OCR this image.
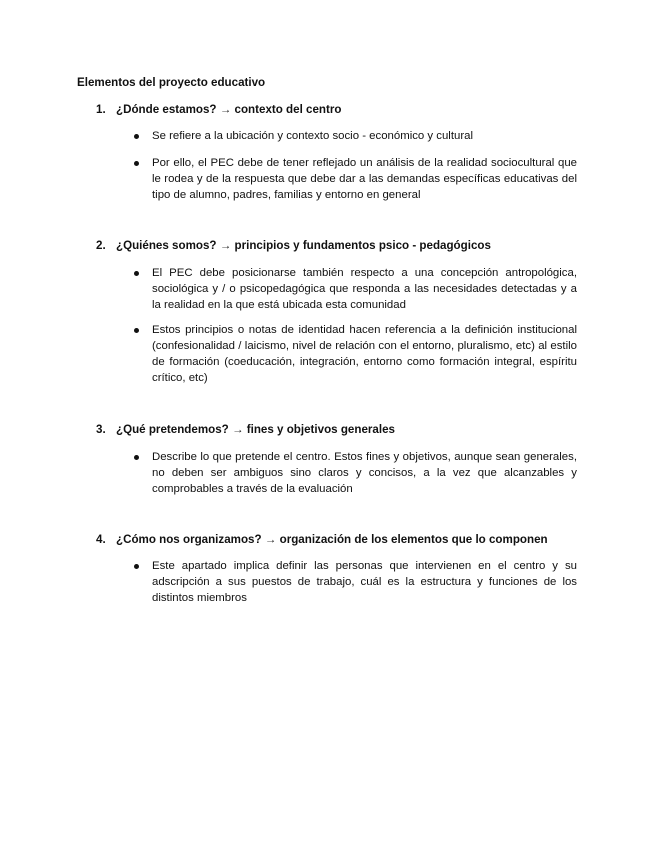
Elementos del proyecto educativo
1. ¿Dónde estamos? → contexto del centro
Se refiere a la ubicación y contexto socio - económico y cultural
Por ello, el PEC debe de tener reflejado un análisis de la realidad sociocultural que le rodea y de la respuesta que debe dar a las demandas específicas educativas del tipo de alumno, padres, familias y entorno en general
2. ¿Quiénes somos? → principios y fundamentos psico - pedagógicos
El PEC debe posicionarse también respecto a una concepción antropológica, sociológica y / o psicopedagógica que responda a las necesidades detectadas y a la realidad en la que está ubicada esta comunidad
Estos principios o notas de identidad hacen referencia a la definición institucional (confesionalidad / laicismo, nivel de relación con el entorno, pluralismo, etc) al estilo de formación (coeducación, integración, entorno como formación integral, espíritu crítico, etc)
3. ¿Qué pretendemos? → fines y objetivos generales
Describe lo que pretende el centro. Estos fines y objetivos, aunque sean generales, no deben ser ambiguos sino claros y concisos, a la vez que alcanzables y comprobables a través de la evaluación
4. ¿Cómo nos organizamos? → organización de los elementos que lo componen
Este apartado implica definir las personas que intervienen en el centro y su adscripción a sus puestos de trabajo, cuál es la estructura y funciones de los distintos miembros
